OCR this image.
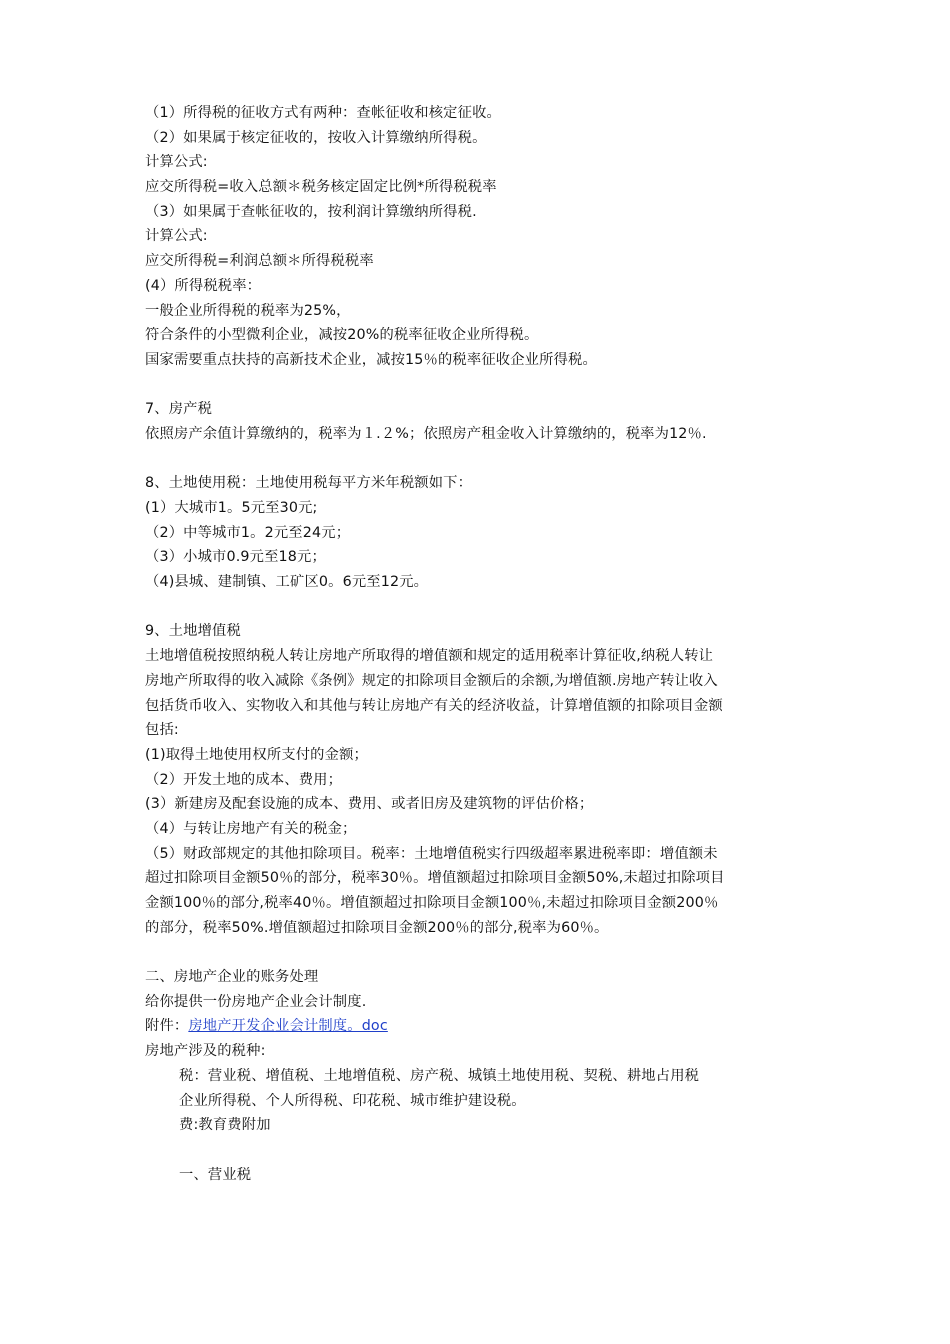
（1）所得税的征收方式有两种：查帐征收和核定征收。
（2）如果属于核定征收的，按收入计算缴纳所得税。
计算公式:
应交所得税=收入总额＊税务核定固定比例*所得税税率
（3）如果属于查帐征收的，按利润计算缴纳所得税.
计算公式:
应交所得税=利润总额＊所得税税率
(4）所得税税率：
一般企业所得税的税率为25%，
符合条件的小型微利企业，减按20%的税率征收企业所得税。
国家需要重点扶持的高新技术企业，减按15％的税率征收企业所得税。
7、房产税
依照房产余值计算缴纳的，税率为１.２%；依照房产租金收入计算缴纳的，税率为12％.
8、土地使用税：土地使用税每平方米年税额如下：
(1）大城市1。5元至30元;
（2）中等城市1。2元至24元；
（3）小城市0.9元至18元；
（4)县城、建制镇、工矿区0。6元至12元。
9、土地增值税
土地增值税按照纳税人转让房地产所取得的增值额和规定的适用税率计算征收,纳税人转让
房地产所取得的收入减除《条例》规定的扣除项目金额后的余额,为增值额.房地产转让收入
包括货币收入、实物收入和其他与转让房地产有关的经济收益，计算增值额的扣除项目金额
包括:
(1)取得土地使用权所支付的金额；
（2）开发土地的成本、费用；
(3）新建房及配套设施的成本、费用、或者旧房及建筑物的评估价格；
（4）与转让房地产有关的税金；
（5）财政部规定的其他扣除项目。税率：土地增值税实行四级超率累进税率即：增值额未
超过扣除项目金额50％的部分，税率30％。增值额超过扣除项目金额50%,未超过扣除项目
金额100％的部分,税率40％。增值额超过扣除项目金额100％,未超过扣除项目金额200％
的部分，税率50%.增值额超过扣除项目金额200％的部分,税率为60％。
二、房地产企业的账务处理
给你提供一份房地产企业会计制度.
附件：房地产开发企业会计制度。doc
房地产涉及的税种:
税：营业税、增值税、土地增值税、房产税、城镇土地使用税、契税、耕地占用税
企业所得税、个人所得税、印花税、城市维护建设税。
费:教育费附加
一、营业税
